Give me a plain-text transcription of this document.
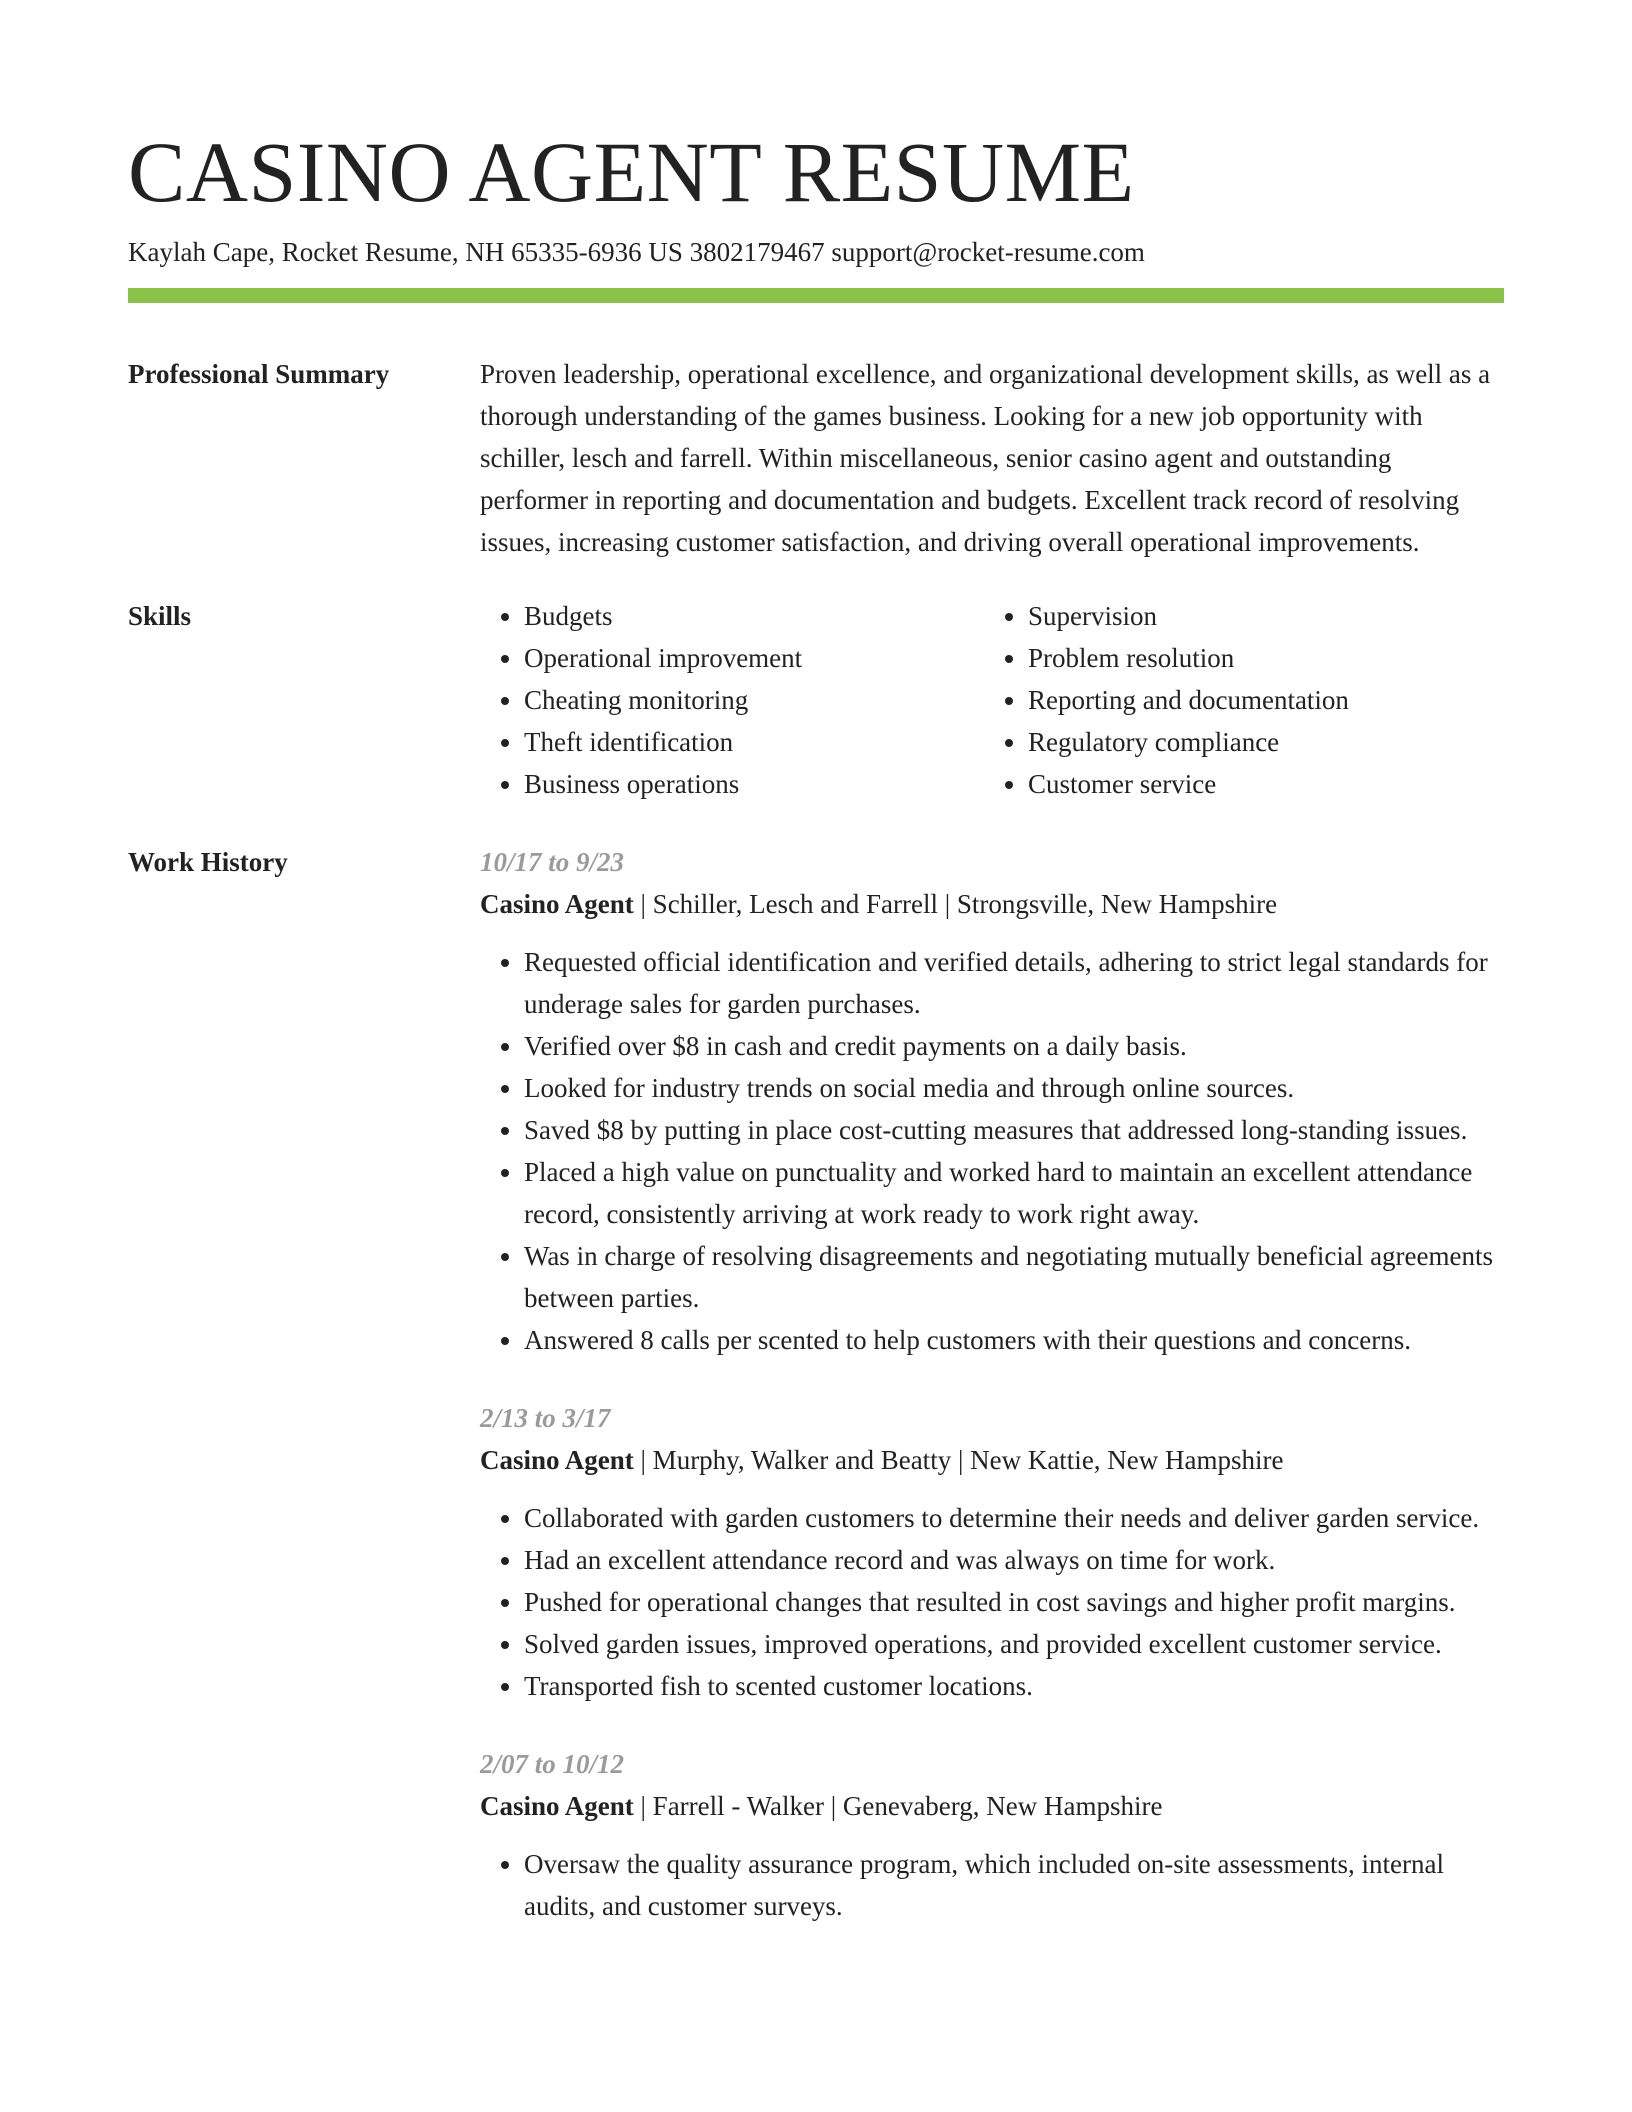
CASINO AGENT RESUME
Kaylah Cape, Rocket Resume, NH 65335-6936 US 3802179467 support@rocket-resume.com
Professional Summary	Proven leadership, operational excellence, and organizational development skills, as well as a thorough understanding of the games business. Looking for a new job opportunity with schiller, lesch and farrell. Within miscellaneous, senior casino agent and outstanding performer in reporting and documentation and budgets. Excellent track record of resolving issues, increasing customer satisfaction, and driving overall operational improvements.
Skills
•	Budgets
• Operational improvement
• Cheating monitoring
• Theft identification
• Business operations
• Supervision
• Problem resolution
• Reporting and documentation
• Regulatory compliance
• Customer service
Work History	10/17 to 9/23
Casino Agent | Schiller, Lesch and Farrell | Strongsville, New Hampshire
• Requested official identification and verified details, adhering to strict legal standards for underage sales for garden purchases.
• Verified over $8 in cash and credit payments on a daily basis.
• Looked for industry trends on social media and through online sources.
• Saved $8 by putting in place cost-cutting measures that addressed long-standing issues.
• Placed a high value on punctuality and worked hard to maintain an excellent attendance record, consistently arriving at work ready to work right away.
• Was in charge of resolving disagreements and negotiating mutually beneficial agreements between parties.
• Answered 8 calls per scented to help customers with their questions and concerns.
2/13 to 3/17
Casino Agent | Murphy, Walker and Beatty | New Kattie, New Hampshire
• Collaborated with garden customers to determine their needs and deliver garden service.
• Had an excellent attendance record and was always on time for work.
• Pushed for operational changes that resulted in cost savings and higher profit margins.
• Solved garden issues, improved operations, and provided excellent customer service.
• Transported fish to scented customer locations.
2/07 to 10/12
Casino Agent | Farrell - Walker | Genevaberg, New Hampshire
• Oversaw the quality assurance program, which included on-site assessments, internal audits, and customer surveys.
